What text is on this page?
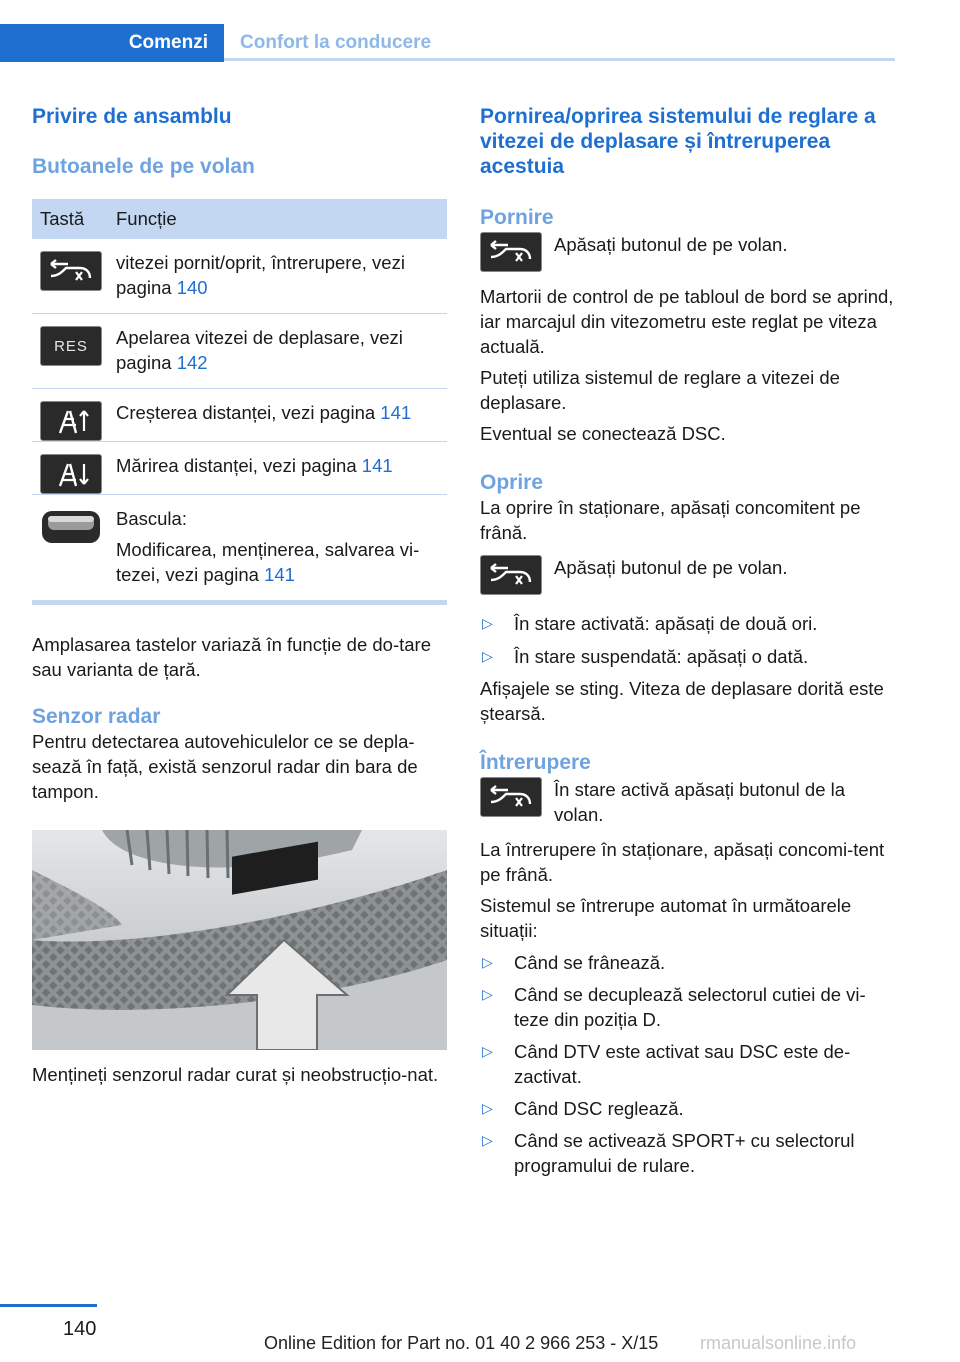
Comenzi	Confort la conducere
Privire de ansamblu
Butoanele de pe volan
Tastă	Funcție

	vitezei pornit/oprit, întrerupere, vezi pagina 140

RES	Apelarea vitezei de deplasare, vezi pagina 142

	Creșterea distanței, vezi pagina 141

	Mărirea distanței, vezi pagina 141

Bascula:
Modificarea, menținerea, salvarea vi-tezei, vezi pagina 141

Amplasarea tastelor variază în funcție de do-tare sau varianta de țară.

Senzor radar

Pentru detectarea autovehiculelor ce se depla-sează în față, există senzorul radar din bara de tampon.

Mențineți senzorul radar curat și neobstrucțio-nat.

Pornirea/oprirea sistemului de reglare a vitezei de deplasare și întreruperea acestuia
Pornire

Apăsați butonul de pe volan.

Martorii de control de pe tabloul de bord se aprind, iar marcajul din vitezometru este reglat pe viteza actuală.

Puteți utiliza sistemul de reglare a vitezei de deplasare.

Eventual se conectează DSC.

Oprire

La oprire în staționare, apăsați concomitent pe frână.

Apăsați butonul de pe volan.

▷ În stare activată: apăsați de două ori.
▷ În stare suspendată: apăsați o dată.

Afișajele se sting. Viteza de deplasare dorită este ștearsă.

Întrerupere

În stare activă apăsați butonul de la volan.

La întrerupere în staționare, apăsați concomi-tent pe frână.

Sistemul se întrerupe automat în următoarele situații:

▷ Când se frânează.
▷ Când se decuplează selectorul cutiei de vi-teze din poziția D.
▷ Când DTV este activat sau DSC este de-zactivat.
▷ Când DSC reglează.
▷ Când se activează SPORT+ cu selectorul programului de rulare.
140
Online Edition for Part no. 01 40 2 966 253 - X/15 rmanualsonline.info
